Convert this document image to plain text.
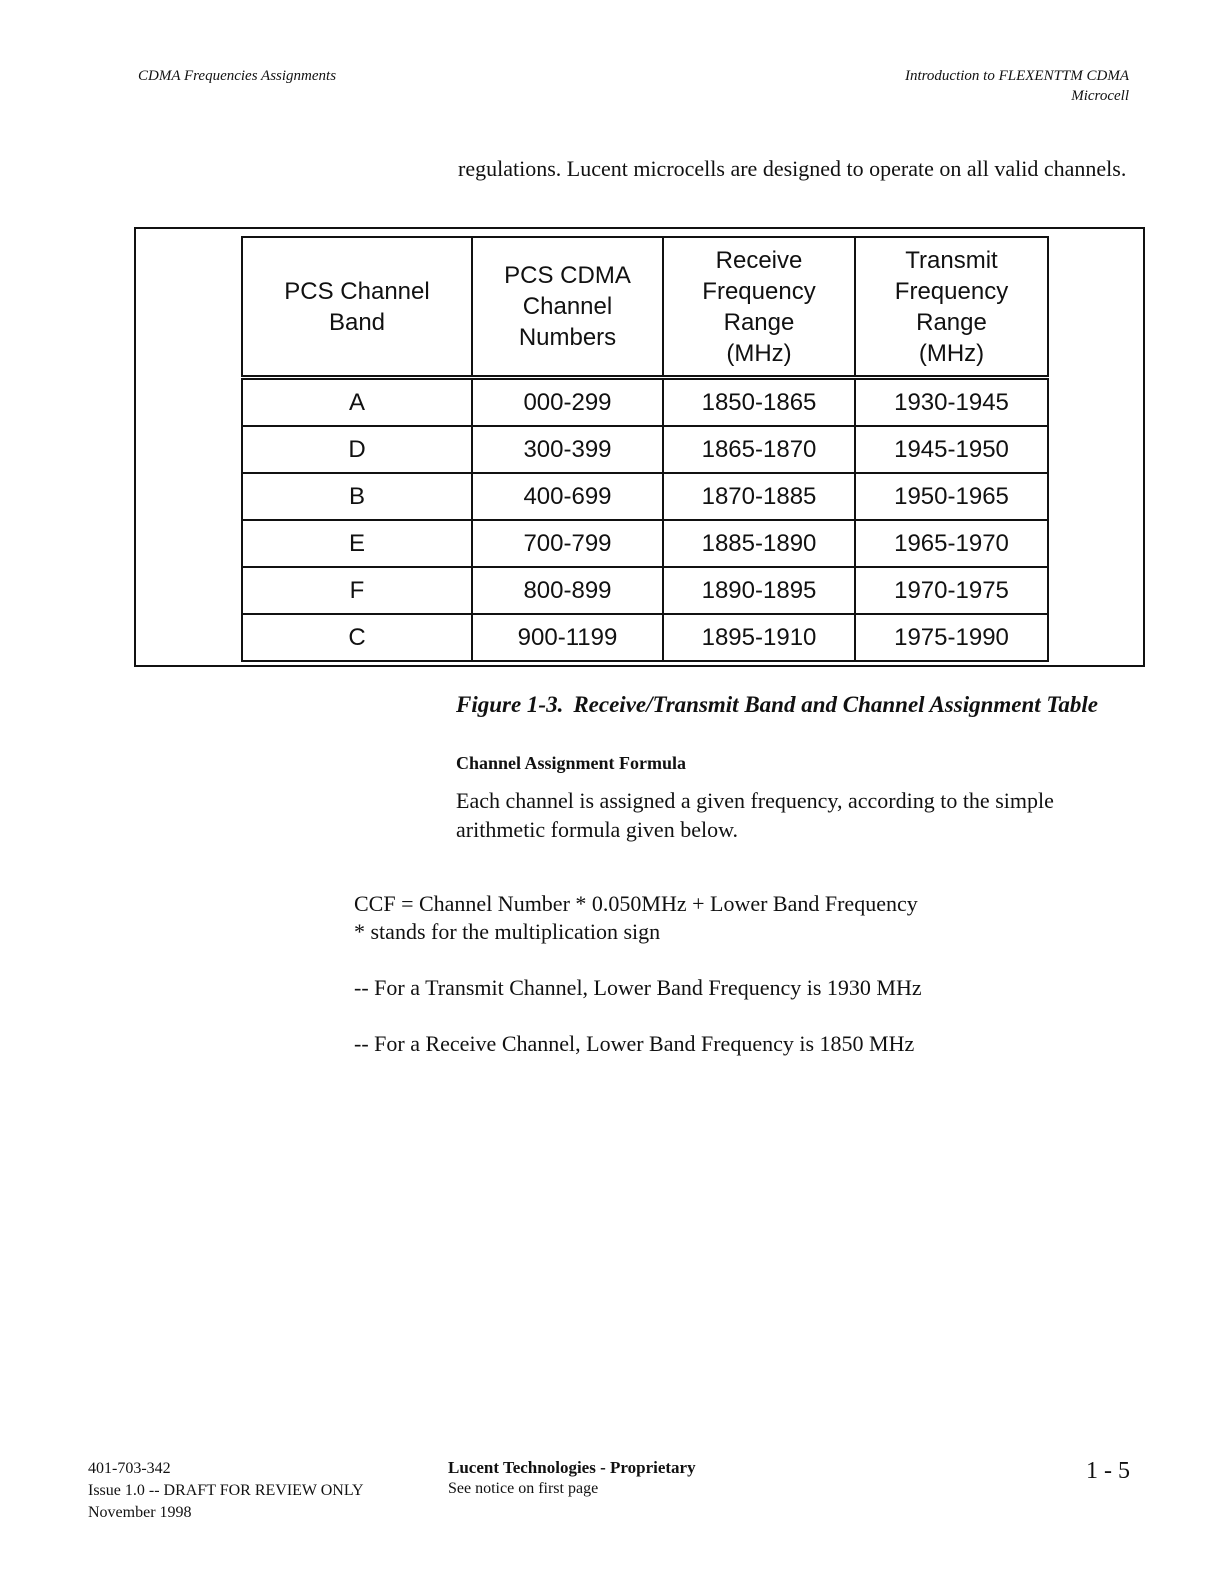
CDMA Frequencies Assignments	Introduction to FLEXENTTM CDMA
Microcell
regulations. Lucent microcells are designed to operate on all valid channels.
PCS Channel
Band	PCS CDMA
Channel
Numbers	Receive
Frequency
Range
(MHz)	Transmit
Frequency
Range
(MHz)
A	000-299	1850-1865	1930-1945
D	300-399	1865-1870	1945-1950
B	400-699	1870-1885	1950-1965
E	700-799	1885-1890	1965-1970
F	800-899	1890-1895	1970-1975
C	900-1199	1895-1910	1975-1990
Figure 1-3. Receive/Transmit Band and Channel Assignment Table
Channel Assignment Formula
Each channel is assigned a given frequency, according to the simple arithmetic formula given below.
CCF = Channel Number * 0.050MHz + Lower Band Frequency
* stands for the multiplication sign
-- For a Transmit Channel, Lower Band Frequency is 1930 MHz
-- For a Receive Channel, Lower Band Frequency is 1850 MHz
401-703-342
Issue 1.0 -- DRAFT FOR REVIEW ONLY
November 1998
Lucent Technologies - Proprietary
See notice on first page
1 - 5
